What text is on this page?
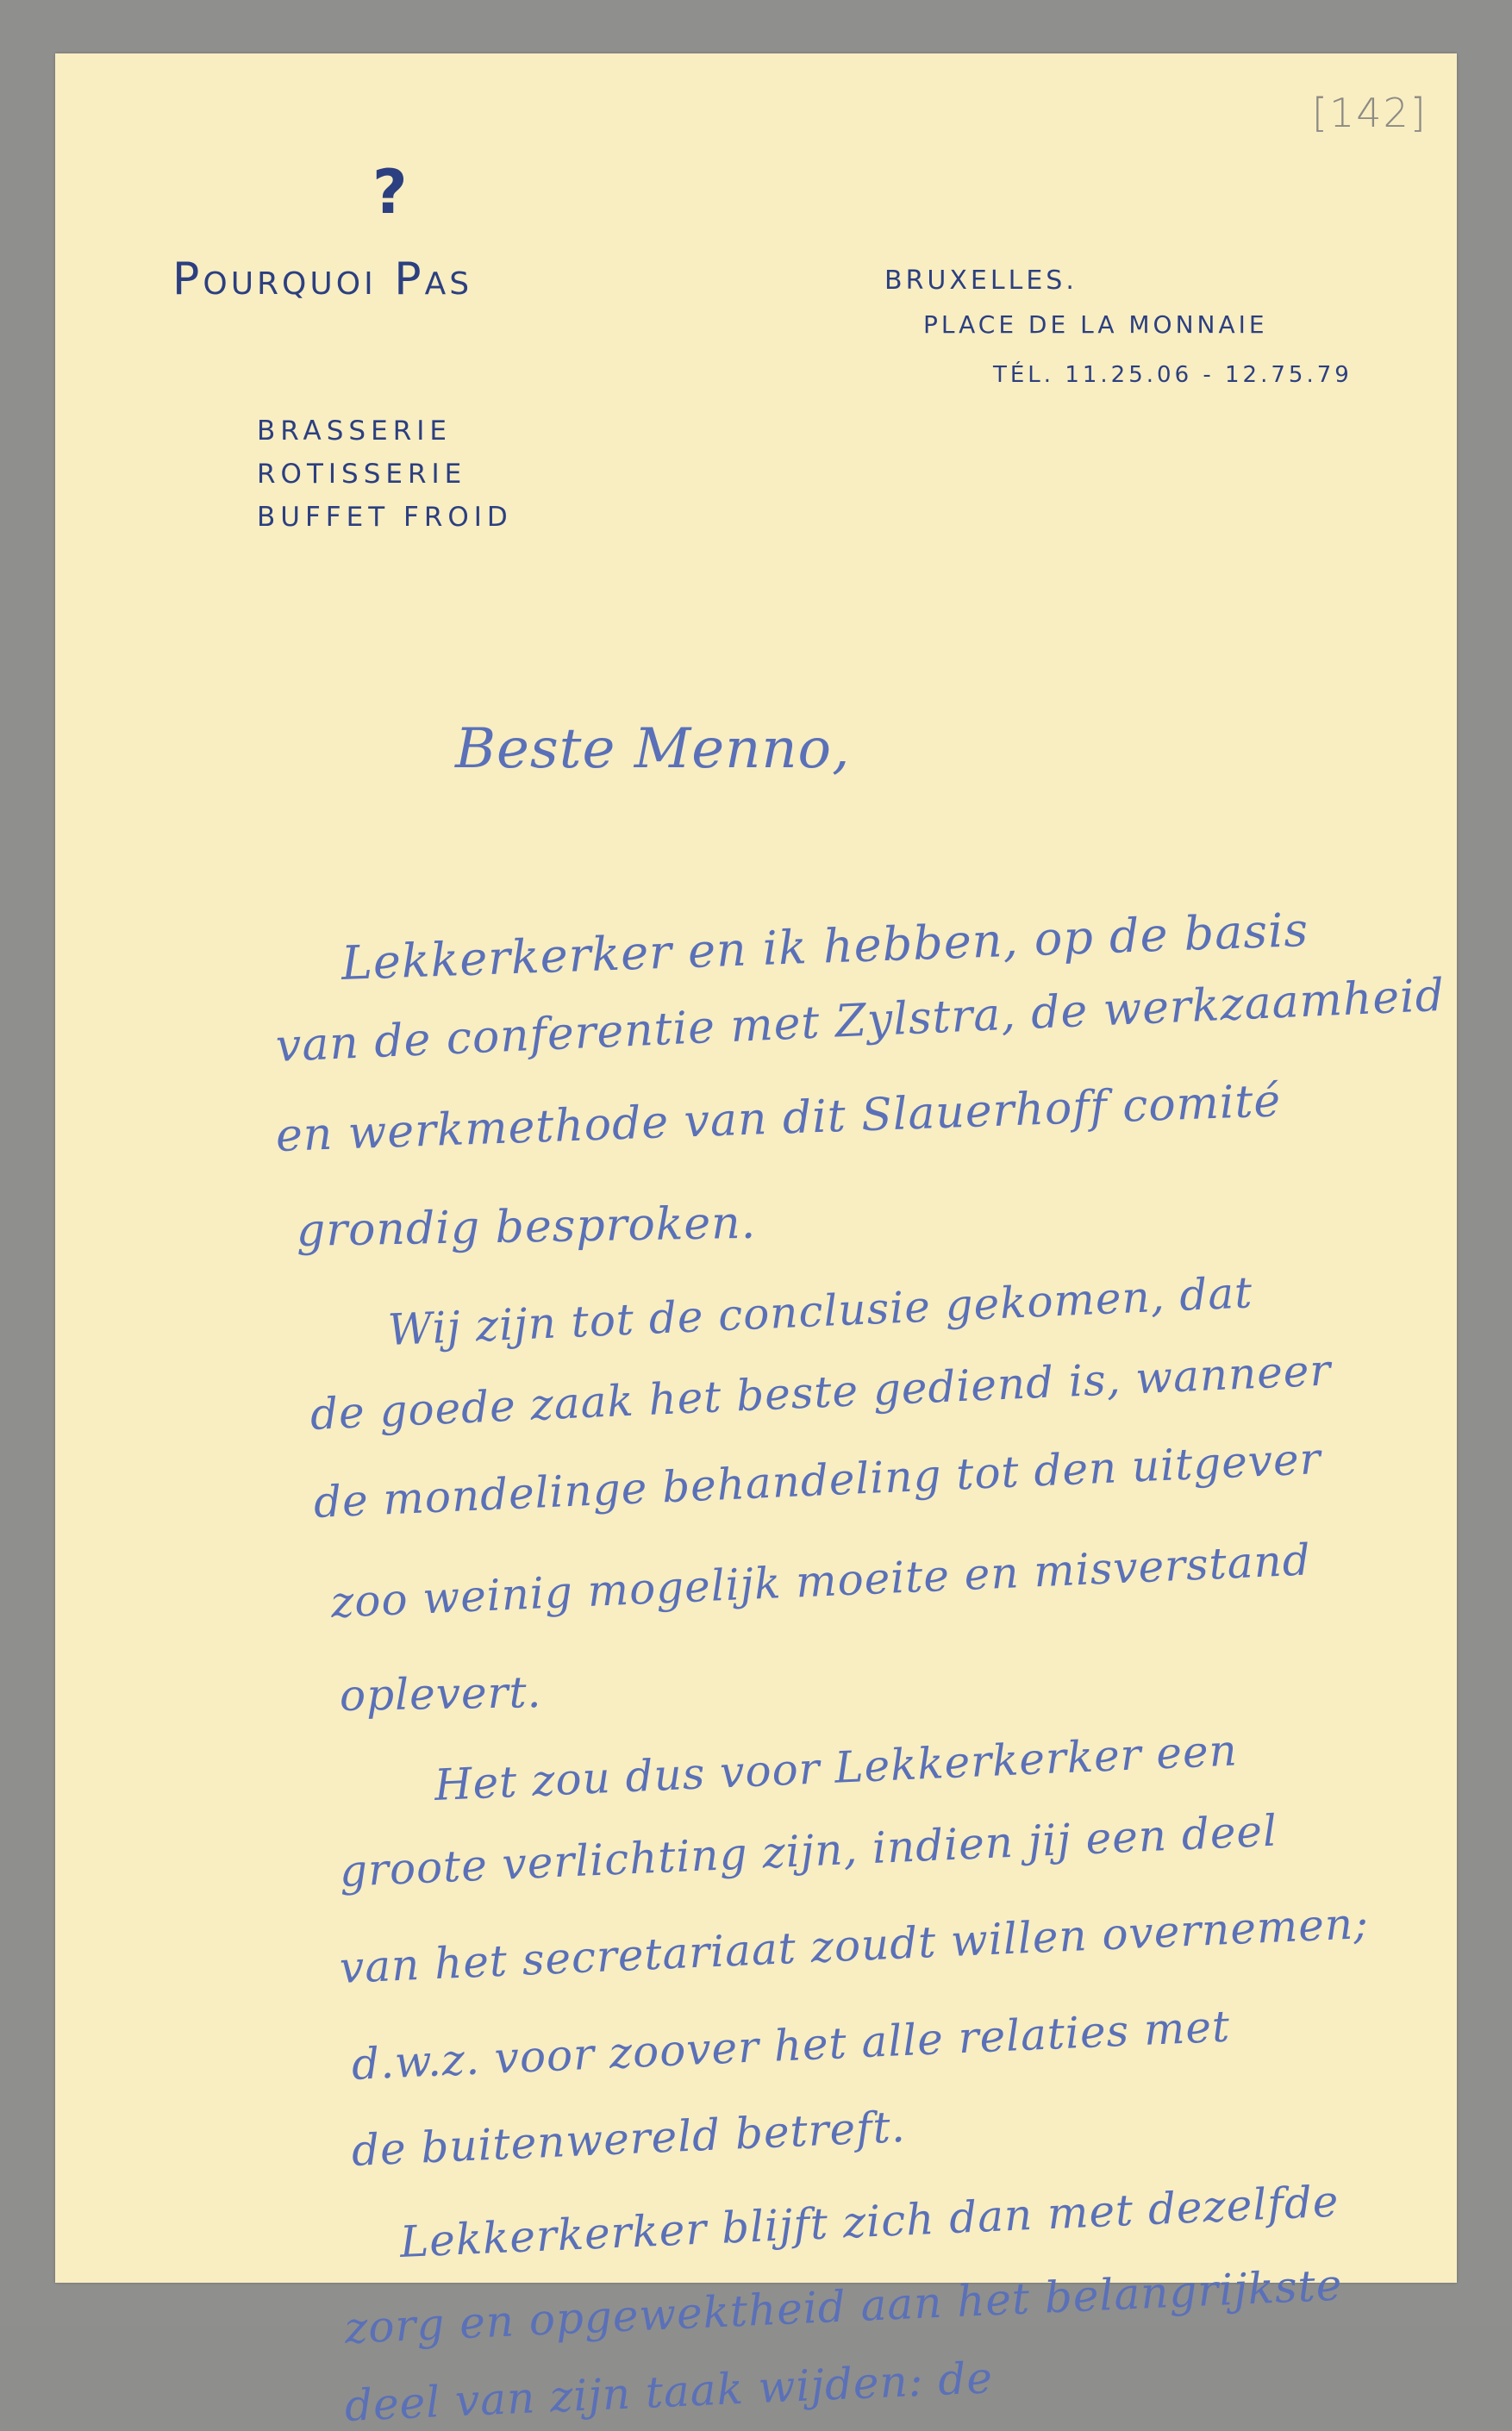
[142]
?
Pourquoi Pas	BRUXELLES.
PLACE DE LA MONNAIE
TÉL. 11.25.06 - 12.75.79
BRASSERIE
ROTISSERIE
BUFFET FROID
Beste Menno,
Lekkerkerker en ik hebben, op de basis
van de conferentie met Zylstra, de werkzaamheid
en werkmethode van dit Slauerhoff comité
grondig besproken.
Wij zijn tot de conclusie gekomen, dat
de goede zaak het beste gediend is, wanneer
de mondelinge behandeling tot den uitgever
zoo weinig mogelijk moeite en misverstand
oplevert.
Het zou dus voor Lekkerkerker een
groote verlichting zijn, indien jij een deel
van het secretariaat zoudt willen overnemen;
d.w.z. voor zoover het alle relaties met
de buitenwereld betreft.
Lekkerkerker blijft zich dan met dezelfde
zorg en opgewektheid aan het belangrijkste
deel van zijn taak wijden: de
